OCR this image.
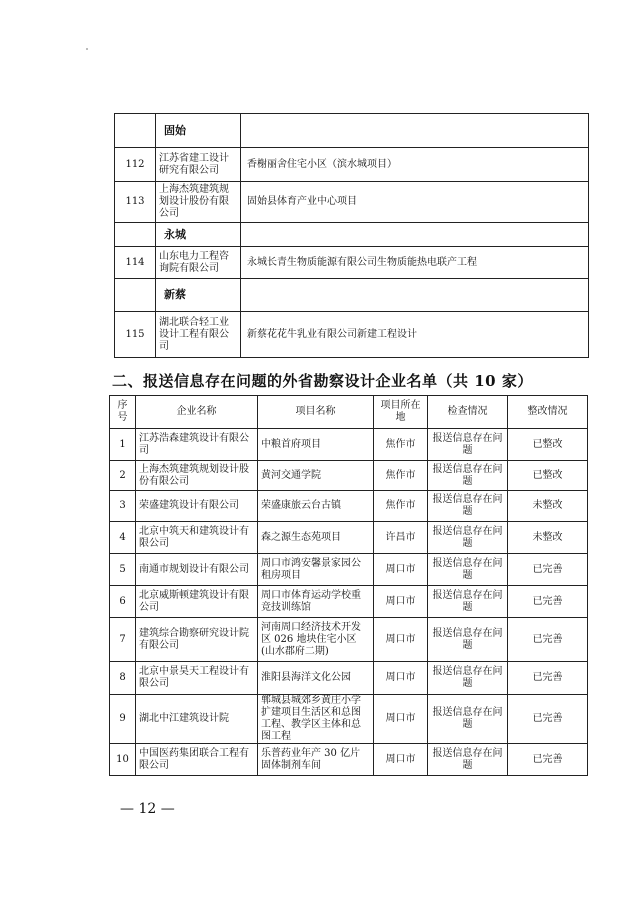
	固始	
112	江苏省建工设计研究有限公司	香榭丽舍住宅小区（滨水城项目）
113	上海杰筑建筑规划设计股份有限公司	固始县体育产业中心项目
	永城	
114	山东电力工程咨询院有限公司	永城长青生物质能源有限公司生物质能热电联产工程
	新蔡	
115	湖北联合轻工业设计工程有限公司	新蔡花花牛乳业有限公司新建工程设计
二、报送信息存在问题的外省勘察设计企业名单（共 10 家）
序号	企业名称	项目名称	项目所在地	检查情况	整改情况
1	江苏浩森建筑设计有限公司	中粮首府项目	焦作市	报送信息存在问题	已整改
2	上海杰筑建筑规划设计股份有限公司	黄河交通学院	焦作市	报送信息存在问题	已整改
3	荣盛建筑设计有限公司	荣盛康旅云台古镇	焦作市	报送信息存在问题	未整改
4	北京中筑天和建筑设计有限公司	森之源生态苑项目	许昌市	报送信息存在问题	未整改
5	南通市规划设计有限公司	周口市鸿安馨景家园公租房项目	周口市	报送信息存在问题	已完善
6	北京威斯顿建筑设计有限公司	周口市体育运动学校重竞技训练馆	周口市	报送信息存在问题	已完善
7	建筑综合勘察研究设计院有限公司	河南周口经济技术开发区 026 地块住宅小区(山水郡府二期)	周口市	报送信息存在问题	已完善
8	北京中景昊天工程设计有限公司	淮阳县海洋文化公园	周口市	报送信息存在问题	已完善
9	湖北中江建筑设计院	郸城县城郊乡黄庄小学扩建项目生活区和总图工程、教学区主体和总图工程	周口市	报送信息存在问题	已完善
10	中国医药集团联合工程有限公司	乐普药业年产 30 亿片固体制剂车间	周口市	报送信息存在问题	已完善
— 12 —
